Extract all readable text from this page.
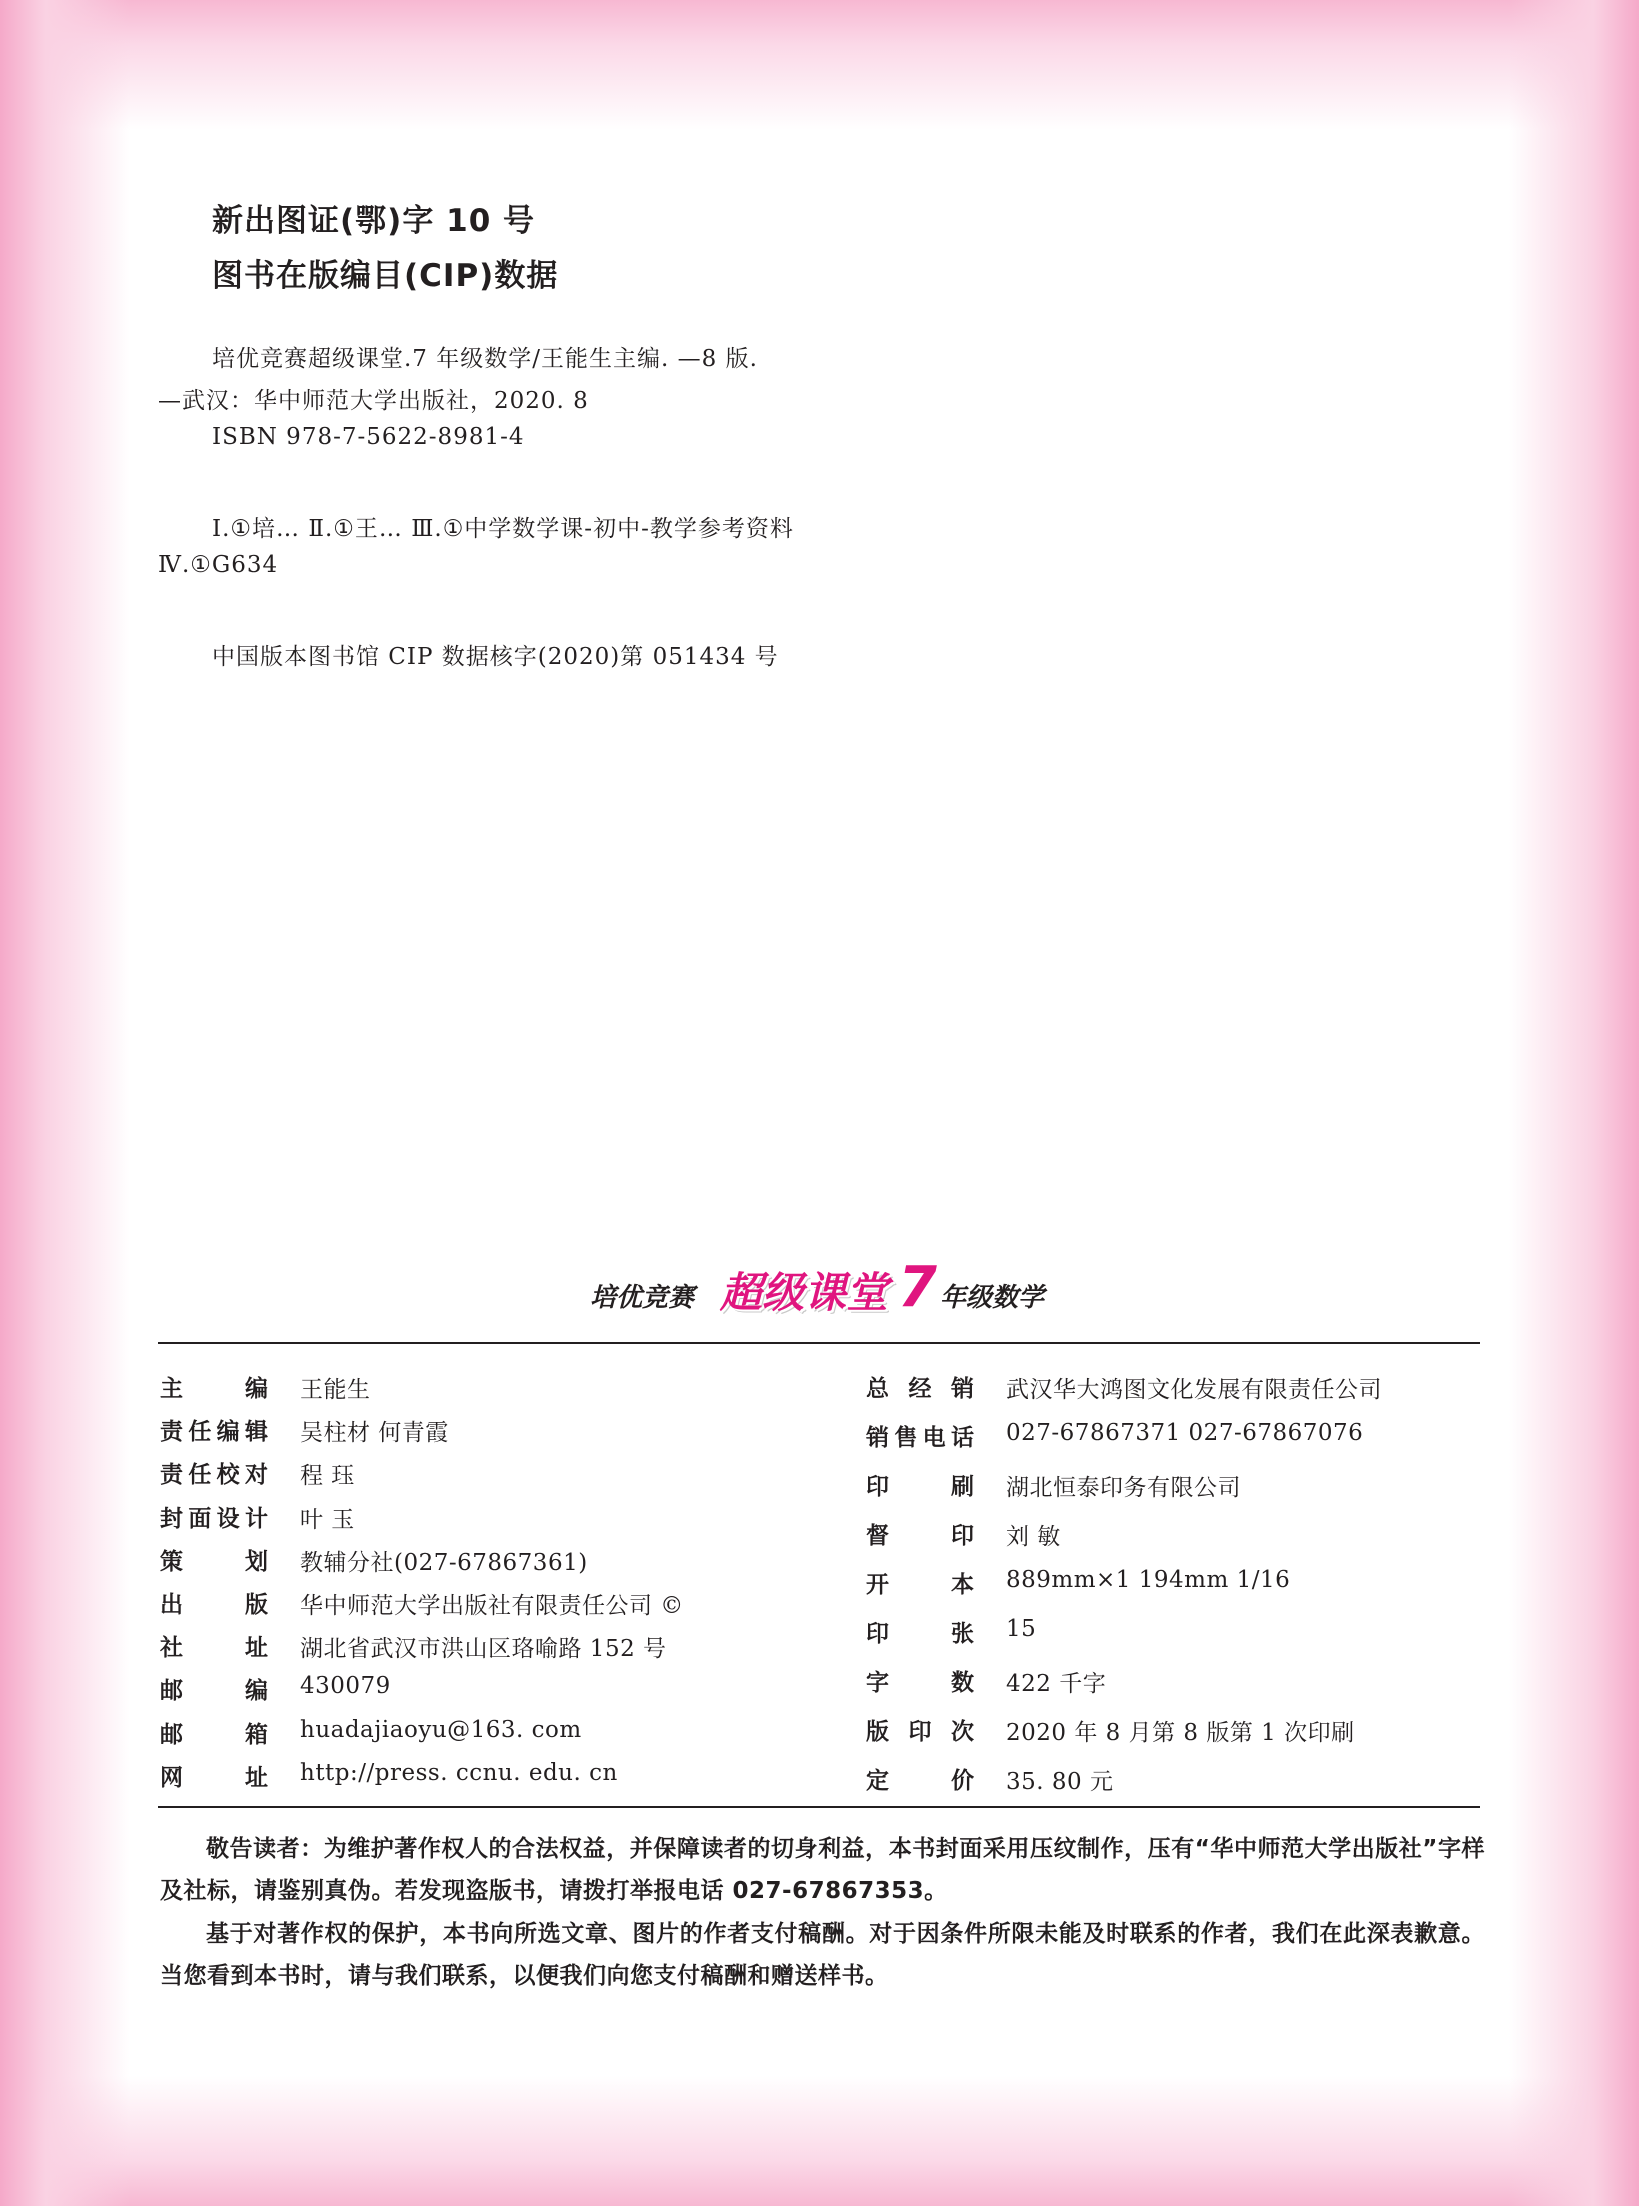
新出图证(鄂)字 10 号
图书在版编目(CIP)数据
培优竞赛超级课堂.7 年级数学/王能生主编. —8 版.
—武汉：华中师范大学出版社，2020. 8
ISBN 978-7-5622-8981-4
Ⅰ.①培… Ⅱ.①王… Ⅲ.①中学数学课-初中-教学参考资料
Ⅳ.①G634
中国版本图书馆 CIP 数据核字(2020)第 051434 号
培优竞赛 超级课堂 7 年级数学
主编 王能生
责任编辑 吴柱材 何青霞
责任校对 程 珏
封面设计 叶 玉
策划 教辅分社(027-67867361)
出版 华中师范大学出版社有限责任公司 ©
社址 湖北省武汉市洪山区珞喻路 152 号
邮编 430079
邮箱 huadajiaoyu@163. com
网址 http://press. ccnu. edu. cn
总经销 武汉华大鸿图文化发展有限责任公司
销售电话 027-67867371 027-67867076
印刷 湖北恒泰印务有限公司
督印 刘 敏
开本 889mm×1 194mm 1/16
印张 15
字数 422 千字
版印次 2020 年 8 月第 8 版第 1 次印刷
定价 35. 80 元
敬告读者：为维护著作权人的合法权益，并保障读者的切身利益，本书封面采用压纹制作，压有“华中师范大学出版社”字样及社标，请鉴别真伪。若发现盗版书，请拨打举报电话 027-67867353。
基于对著作权的保护，本书向所选文章、图片的作者支付稿酬。对于因条件所限未能及时联系的作者，我们在此深表歉意。当您看到本书时，请与我们联系，以便我们向您支付稿酬和赠送样书。
